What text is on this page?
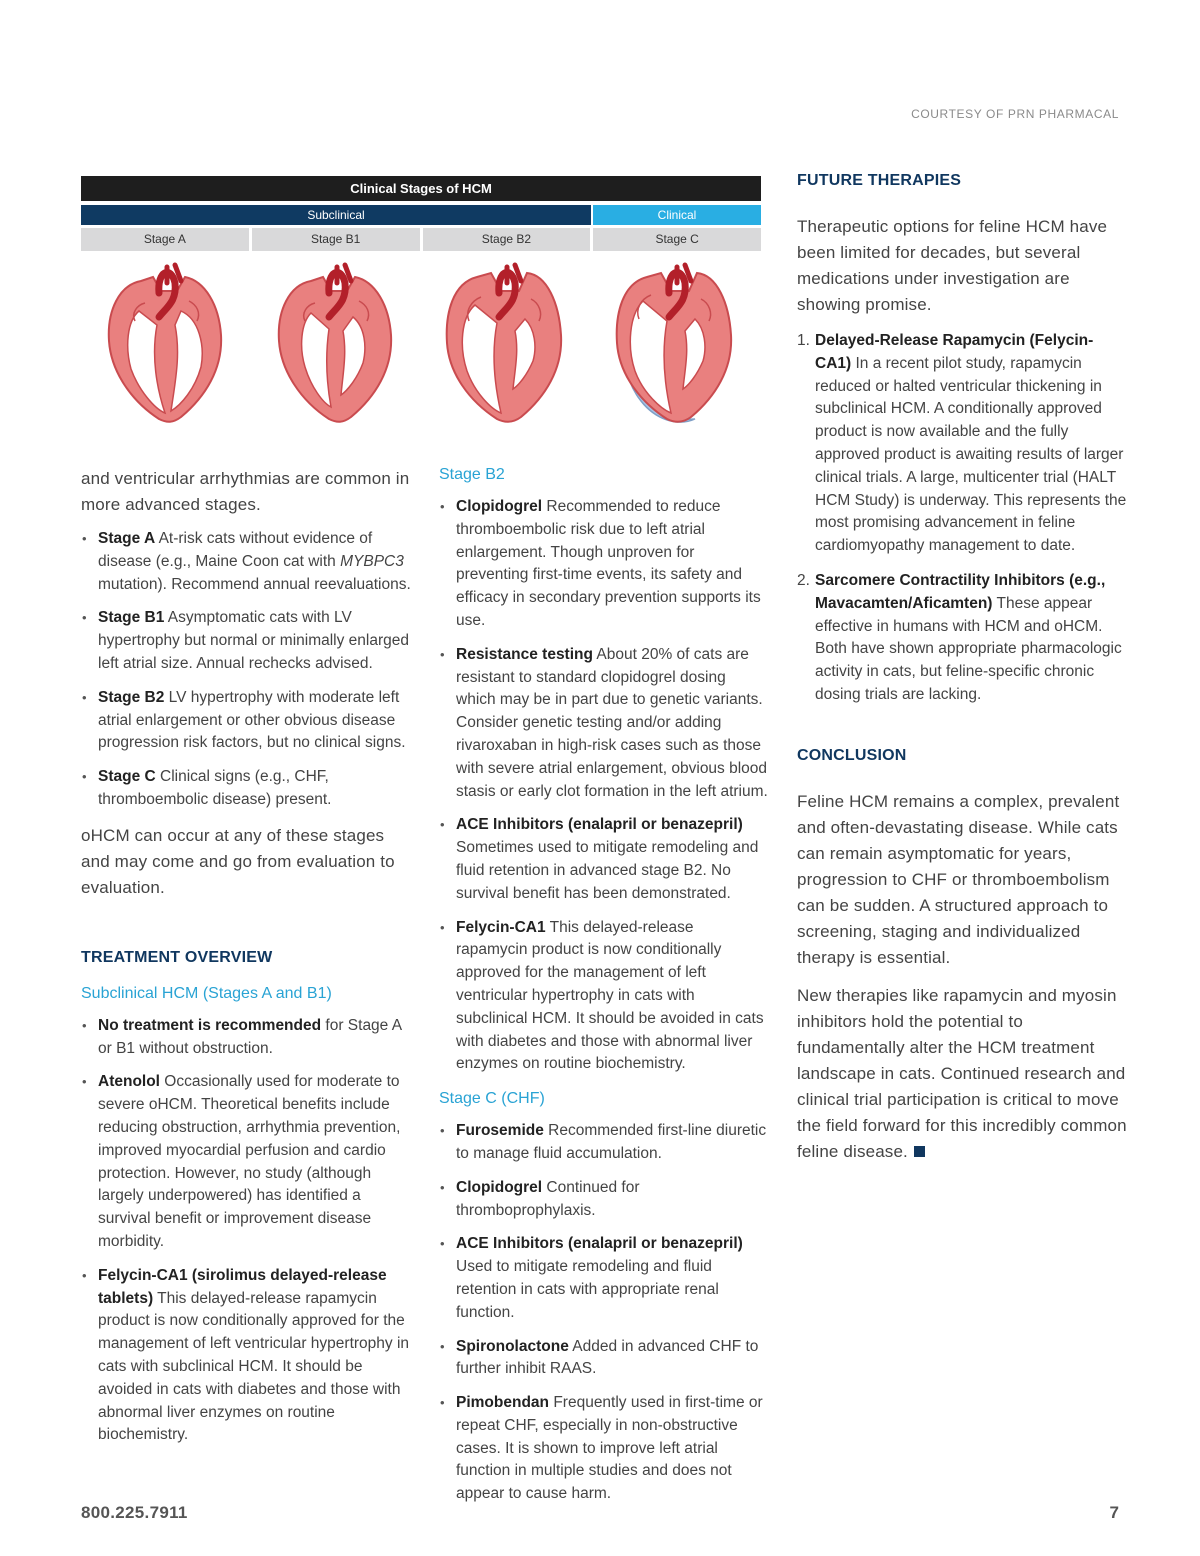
COURTESY OF PRN PHARMACAL
Clinical Stages of HCM
Subclinical	Clinical
Stage A	Stage B1	Stage B2	Stage C

and ventricular arrhythmias are common in more advanced stages.

• Stage A At-risk cats without evidence of disease (e.g., Maine Coon cat with MYBPC3 mutation). Recommend annual reevaluations.
• Stage B1 Asymptomatic cats with LV hypertrophy but normal or minimally enlarged left atrial size. Annual rechecks advised.
• Stage B2 LV hypertrophy with moderate left atrial enlargement or other obvious disease progression risk factors, but no clinical signs.
• Stage C Clinical signs (e.g., CHF, thromboembolic disease) present.

oHCM can occur at any of these stages and may come and go from evaluation to evaluation.

TREATMENT OVERVIEW
Subclinical HCM (Stages A and B1)
• No treatment is recommended for Stage A or B1 without obstruction.
• Atenolol Occasionally used for moderate to severe oHCM. Theoretical benefits include reducing obstruction, arrhythmia prevention, improved myocardial perfusion and cardio protection. However, no study (although largely underpowered) has identified a survival benefit or improvement disease morbidity.
• Felycin-CA1 (sirolimus delayed-release tablets) This delayed-release rapamycin product is now conditionally approved for the management of left ventricular hypertrophy in cats with subclinical HCM. It should be avoided in cats with diabetes and those with abnormal liver enzymes on routine biochemistry.
Stage B2
• Clopidogrel Recommended to reduce thromboembolic risk due to left atrial enlargement. Though unproven for preventing first-time events, its safety and efficacy in secondary prevention supports its use.
• Resistance testing About 20% of cats are resistant to standard clopidogrel dosing which may be in part due to genetic variants. Consider genetic testing and/or adding rivaroxaban in high-risk cases such as those with severe atrial enlargement, obvious blood stasis or early clot formation in the left atrium.
• ACE Inhibitors (enalapril or benazepril) Sometimes used to mitigate remodeling and fluid retention in advanced stage B2. No survival benefit has been demonstrated.
• Felycin-CA1 This delayed-release rapamycin product is now conditionally approved for the management of left ventricular hypertrophy in cats with subclinical HCM. It should be avoided in cats with diabetes and those with abnormal liver enzymes on routine biochemistry.
Stage C (CHF)
• Furosemide Recommended first-line diuretic to manage fluid accumulation.
• Clopidogrel Continued for thromboprophylaxis.
• ACE Inhibitors (enalapril or benazepril) Used to mitigate remodeling and fluid retention in cats with appropriate renal function.
• Spironolactone Added in advanced CHF to further inhibit RAAS.
• Pimobendan Frequently used in first-time or repeat CHF, especially in non-obstructive cases. It is shown to improve left atrial function in multiple studies and does not appear to cause harm.
FUTURE THERAPIES

Therapeutic options for feline HCM have been limited for decades, but several medications under investigation are showing promise.

1. Delayed-Release Rapamycin (Felycin-CA1) In a recent pilot study, rapamycin reduced or halted ventricular thickening in subclinical HCM. A conditionally approved product is now available and the fully approved product is awaiting results of larger clinical trials. A large, multicenter trial (HALT HCM Study) is underway. This represents the most promising advancement in feline cardiomyopathy management to date.
2. Sarcomere Contractility Inhibitors (e.g., Mavacamten/Aficamten) These appear effective in humans with HCM and oHCM. Both have shown appropriate pharmacologic activity in cats, but feline-specific chronic dosing trials are lacking.
CONCLUSION

Feline HCM remains a complex, prevalent and often-devastating disease. While cats can remain asymptomatic for years, progression to CHF or thromboembolism can be sudden. A structured approach to screening, staging and individualized therapy is essential.

New therapies like rapamycin and myosin inhibitors hold the potential to fundamentally alter the HCM treatment landscape in cats. Continued research and clinical trial participation is critical to move the field forward for this incredibly common feline disease.

800.225.7911	7
